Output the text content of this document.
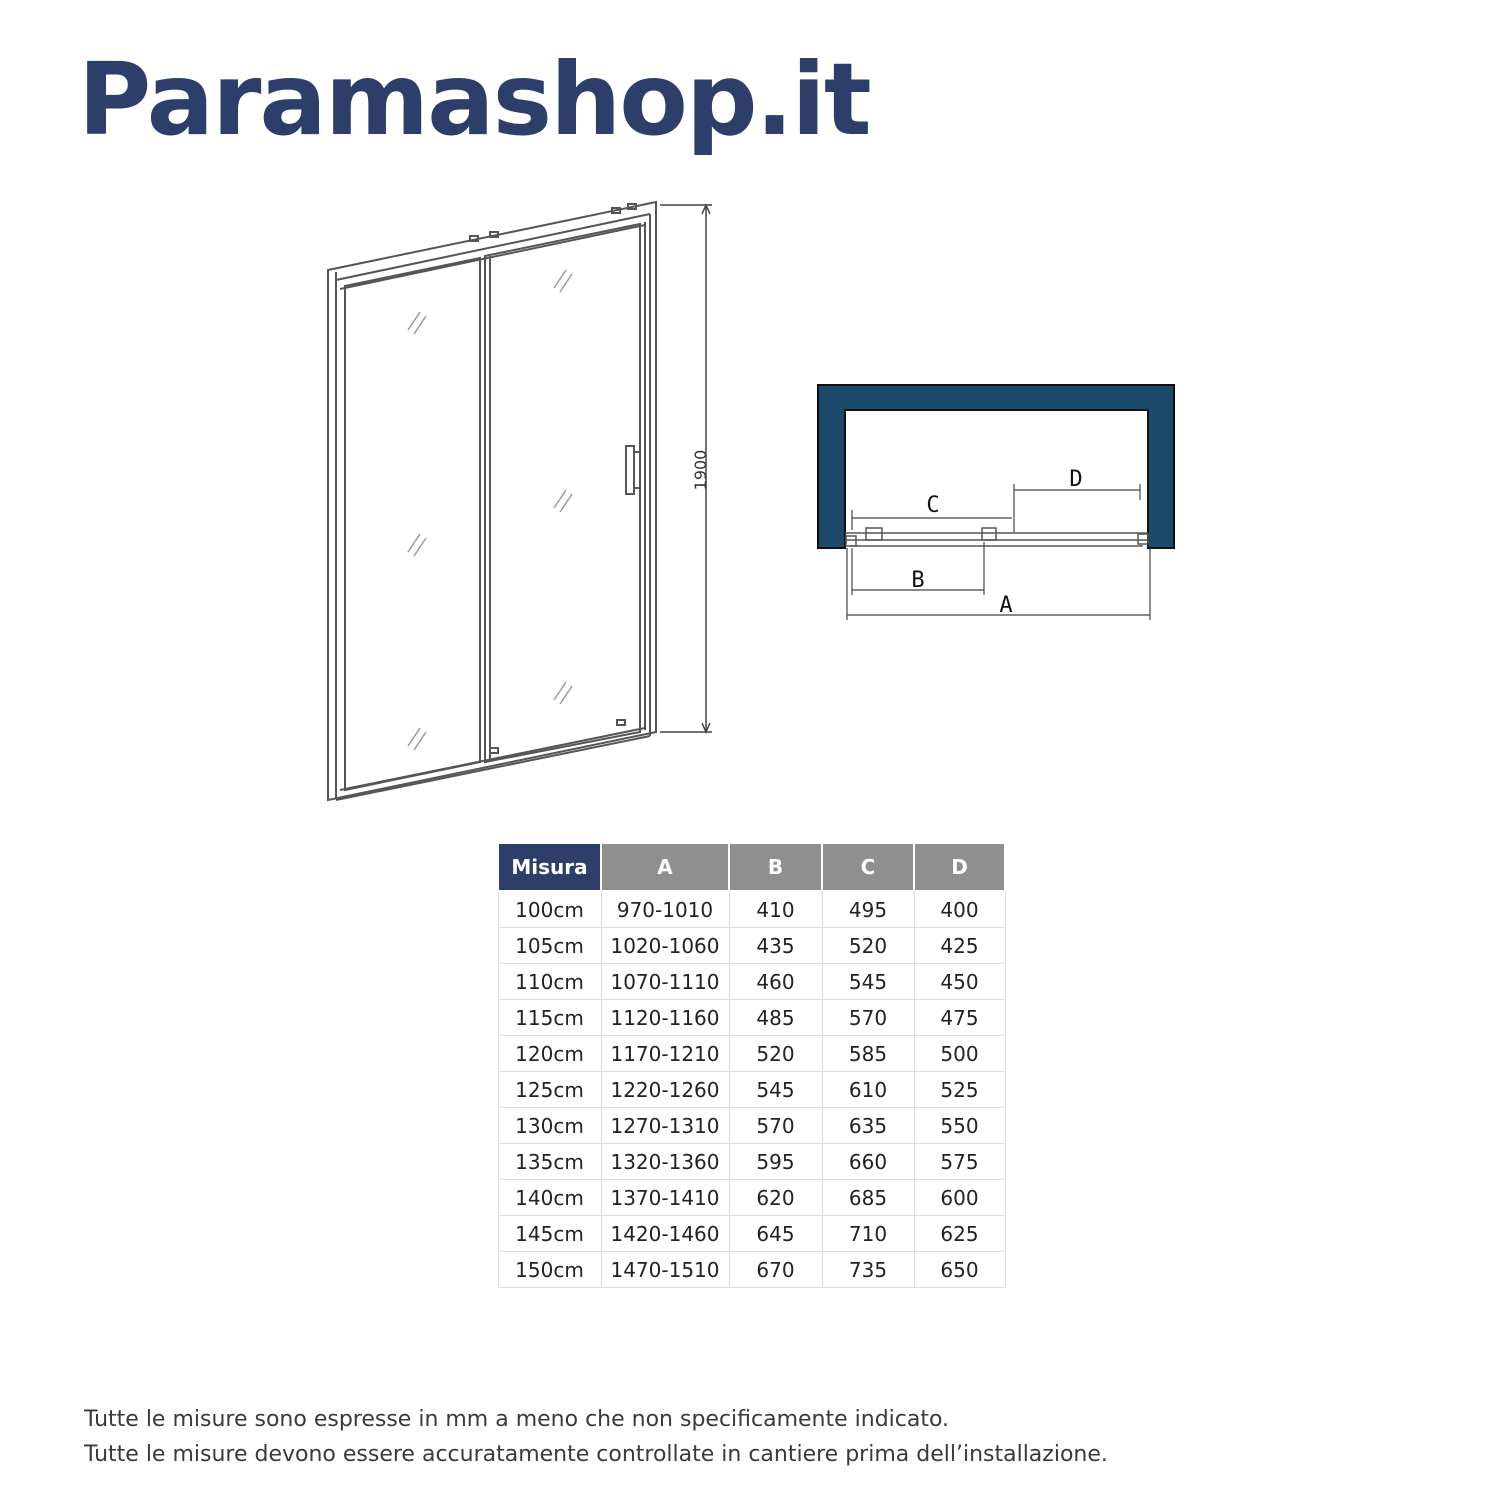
Paramashop.it
1900
C
D
B
A
Misura	A	B	C	D
100cm	970-1010	410	495	400
105cm	1020-1060	435	520	425
110cm	1070-1110	460	545	450
115cm	1120-1160	485	570	475
120cm	1170-1210	520	585	500
125cm	1220-1260	545	610	525
130cm	1270-1310	570	635	550
135cm	1320-1360	595	660	575
140cm	1370-1410	620	685	600
145cm	1420-1460	645	710	625
150cm	1470-1510	670	735	650
Tutte le misure sono espresse in mm a meno che non specificamente indicato.
Tutte le misure devono essere accuratamente controllate in cantiere prima dell’installazione.
